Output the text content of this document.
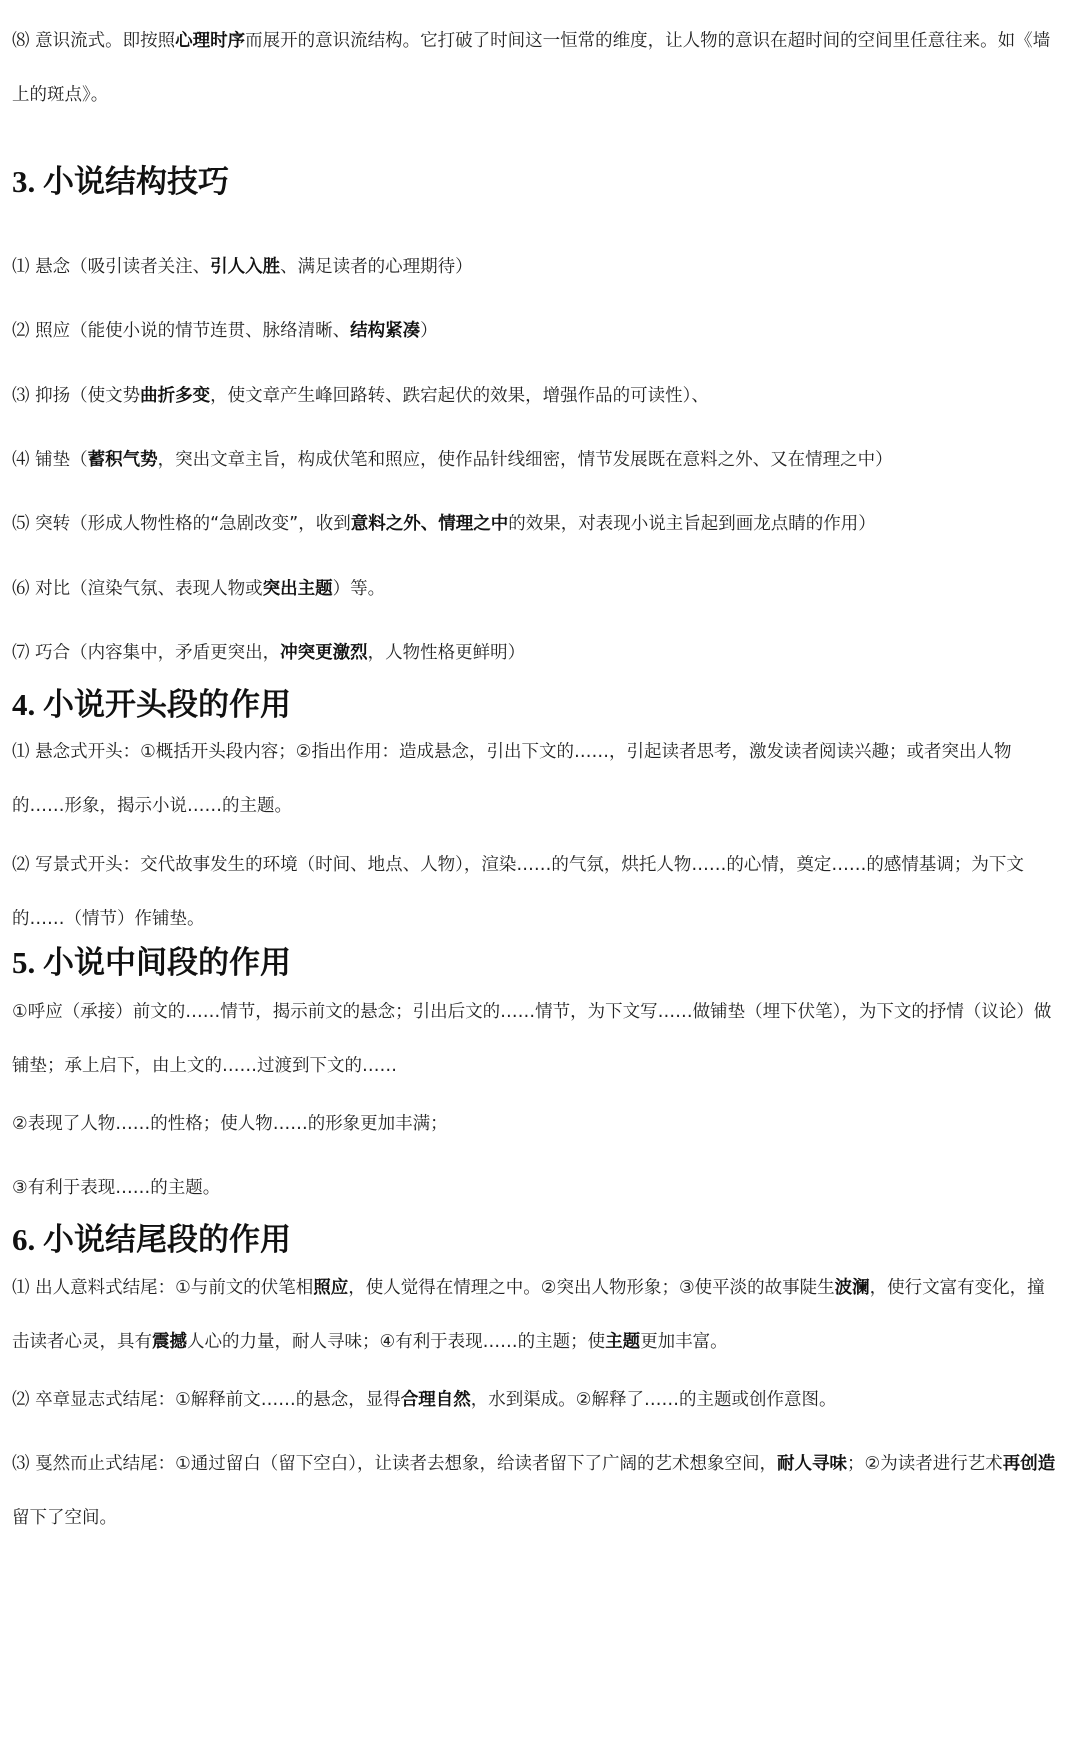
⑻ 意识流式。即按照心理时序而展开的意识流结构。它打破了时间这一恒常的维度，让人物的意识在超时间的空间里任意往来。如《墙上的斑点》。

3. 小说结构技巧

⑴ 悬念（吸引读者关注、引人入胜、满足读者的心理期待）

⑵ 照应（能使小说的情节连贯、脉络清晰、结构紧凑）

⑶ 抑扬（使文势曲折多变，使文章产生峰回路转、跌宕起伏的效果，增强作品的可读性）、

⑷ 铺垫（蓄积气势，突出文章主旨，构成伏笔和照应，使作品针线细密，情节发展既在意料之外、又在情理之中）

⑸ 突转（形成人物性格的“急剧改变”，收到意料之外、情理之中的效果，对表现小说主旨起到画龙点睛的作用）

⑹ 对比（渲染气氛、表现人物或突出主题）等。

⑺ 巧合（内容集中，矛盾更突出，冲突更激烈，人物性格更鲜明）

4. 小说开头段的作用

⑴ 悬念式开头：①概括开头段内容；②指出作用：造成悬念，引出下文的……，引起读者思考，激发读者阅读兴趣；或者突出人物的……形象，揭示小说……的主题。

⑵ 写景式开头：交代故事发生的环境（时间、地点、人物），渲染……的气氛，烘托人物……的心情，奠定……的感情基调；为下文的……（情节）作铺垫。

5. 小说中间段的作用

①呼应（承接）前文的……情节，揭示前文的悬念；引出后文的……情节，为下文写……做铺垫（埋下伏笔），为下文的抒情（议论）做铺垫；承上启下，由上文的……过渡到下文的……

②表现了人物……的性格；使人物……的形象更加丰满；

③有利于表现……的主题。

6. 小说结尾段的作用

⑴ 出人意料式结尾：①与前文的伏笔相照应，使人觉得在情理之中。②突出人物形象；③使平淡的故事陡生波澜，使行文富有变化，撞击读者心灵，具有震撼人心的力量，耐人寻味；④有利于表现……的主题；使主题更加丰富。

⑵ 卒章显志式结尾：①解释前文……的悬念，显得合理自然，水到渠成。②解释了……的主题或创作意图。

⑶ 戛然而止式结尾：①通过留白（留下空白），让读者去想象，给读者留下了广阔的艺术想象空间，耐人寻味；②为读者进行艺术再创造留下了空间。
